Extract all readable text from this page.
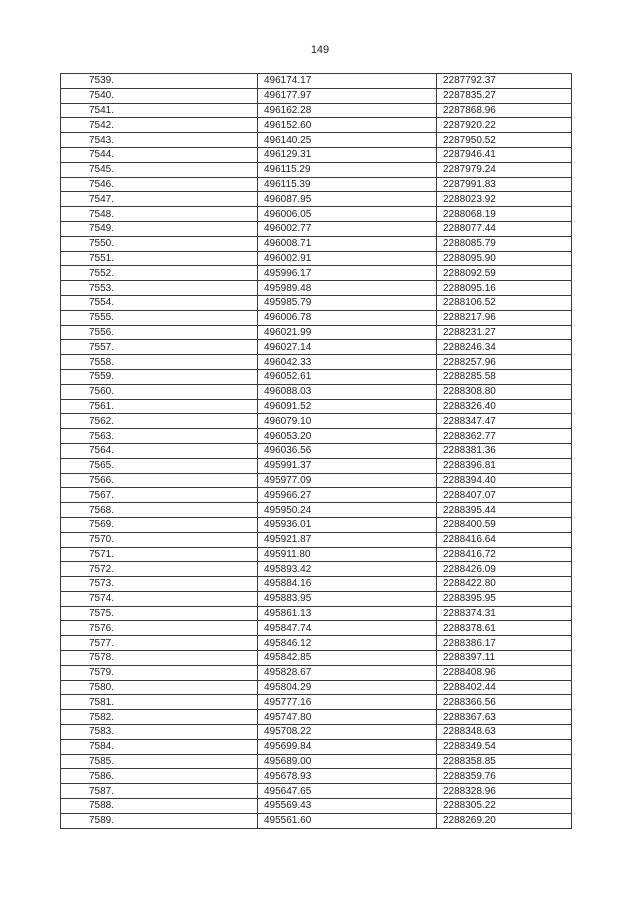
149
7539.	496174.17	2287792.37
7540.	496177.97	2287835.27
7541.	496162.28	2287868.96
7542.	496152.60	2287920.22
7543.	496140.25	2287950.52
7544.	496129.31	2287946.41
7545.	496115.29	2287979.24
7546.	496115.39	2287991.83
7547.	496087.95	2288023.92
7548.	496006.05	2288068.19
7549.	496002.77	2288077.44
7550.	496008.71	2288085.79
7551.	496002.91	2288095.90
7552.	495996.17	2288092.59
7553.	495989.48	2288095.16
7554.	495985.79	2288106.52
7555.	496006.78	2288217.96
7556.	496021.99	2288231.27
7557.	496027.14	2288246.34
7558.	496042.33	2288257.96
7559.	496052.61	2288285.58
7560.	496088.03	2288308.80
7561.	496091.52	2288326.40
7562.	496079.10	2288347.47
7563.	496053.20	2288362.77
7564.	496036.56	2288381.36
7565.	495991.37	2288396.81
7566.	495977.09	2288394.40
7567.	495966.27	2288407.07
7568.	495950.24	2288395.44
7569.	495936.01	2288400.59
7570.	495921.87	2288416.64
7571.	495911.80	2288416.72
7572.	495893.42	2288426.09
7573.	495884.16	2288422.80
7574.	495883.95	2288395.95
7575.	495861.13	2288374.31
7576.	495847.74	2288378.61
7577.	495846.12	2288386.17
7578.	495842.85	2288397.11
7579.	495828.67	2288408.96
7580.	495804.29	2288402.44
7581.	495777.16	2288366.56
7582.	495747.80	2288367.63
7583.	495708.22	2288348.63
7584.	495699.84	2288349.54
7585.	495689.00	2288358.85
7586.	495678.93	2288359.76
7587.	495647.65	2288328.96
7588.	495569.43	2288305.22
7589.	495561.60	2288269.20
